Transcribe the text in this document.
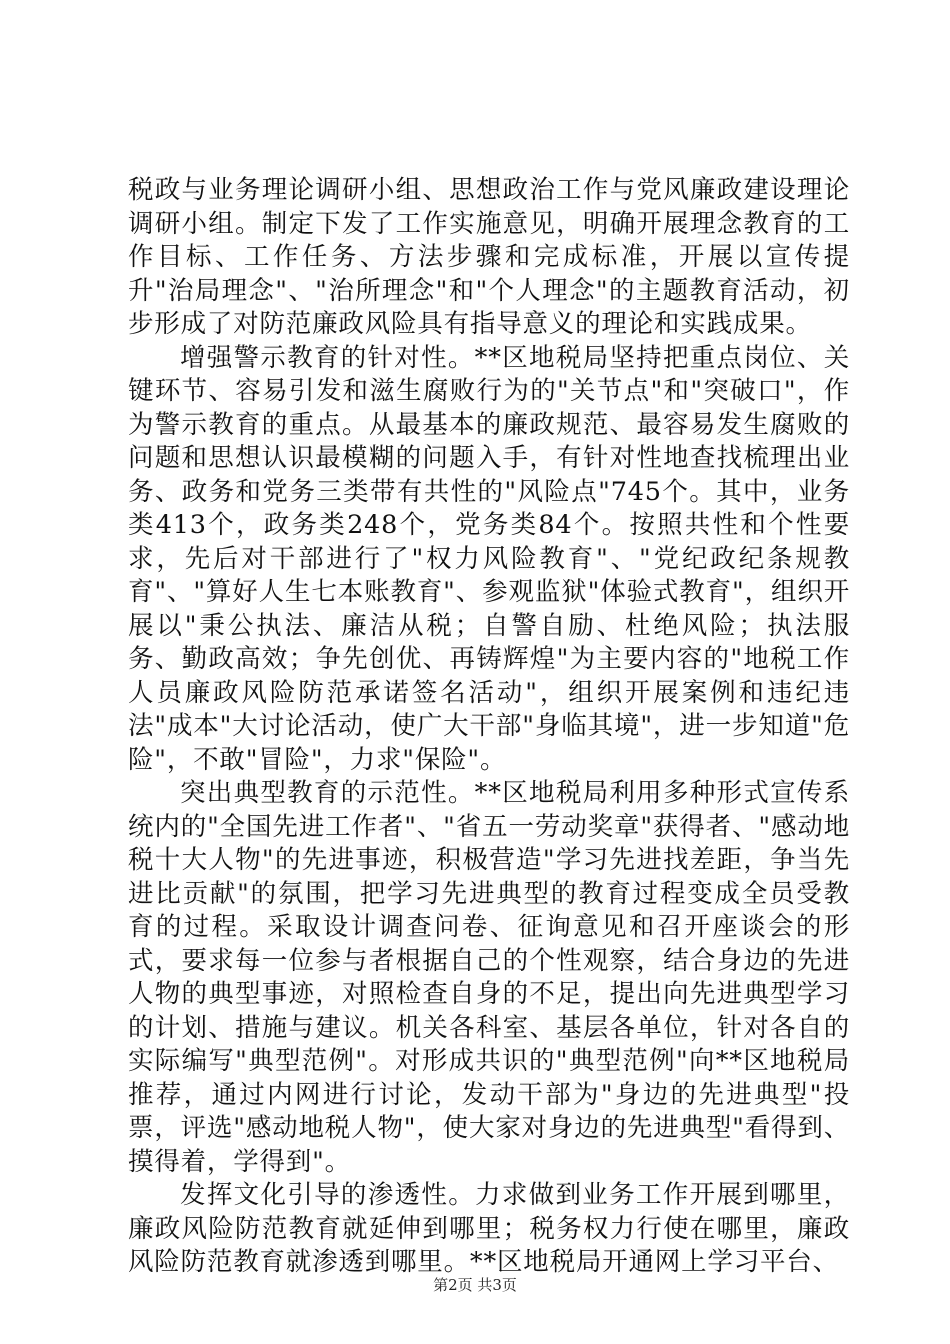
税政与业务理论调研小组、思想政治工作与党风廉政建设理论调研小组。制定下发了工作实施意见，明确开展理念教育的工作目标、工作任务、方法步骤和完成标准，开展以宣传提升"治局理念"、"治所理念"和"个人理念"的主题教育活动，初步形成了对防范廉政风险具有指导意义的理论和实践成果。

增强警示教育的针对性。**区地税局坚持把重点岗位、关键环节、容易引发和滋生腐败行为的"关节点"和"突破口"，作为警示教育的重点。从最基本的廉政规范、最容易发生腐败的问题和思想认识最模糊的问题入手，有针对性地查找梳理出业务、政务和党务三类带有共性的"风险点"745个。其中，业务类413个，政务类248个，党务类84个。按照共性和个性要求，先后对干部进行了"权力风险教育"、"党纪政纪条规教育"、"算好人生七本账教育"、参观监狱"体验式教育"，组织开展以"秉公执法、廉洁从税；自警自励、杜绝风险；执法服务、勤政高效；争先创优、再铸辉煌"为主要内容的"地税工作人员廉政风险防范承诺签名活动"，组织开展案例和违纪违法"成本"大讨论活动，使广大干部"身临其境"，进一步知道"危险"，不敢"冒险"，力求"保险"。

突出典型教育的示范性。**区地税局利用多种形式宣传系统内的"全国先进工作者"、"省五一劳动奖章"获得者、"感动地税十大人物"的先进事迹，积极营造"学习先进找差距，争当先进比贡献"的氛围，把学习先进典型的教育过程变成全员受教育的过程。采取设计调查问卷、征询意见和召开座谈会的形式，要求每一位参与者根据自己的个性观察，结合身边的先进人物的典型事迹，对照检查自身的不足，提出向先进典型学习的计划、措施与建议。机关各科室、基层各单位，针对各自的实际编写"典型范例"。对形成共识的"典型范例"向**区地税局推荐，通过内网进行讨论，发动干部为"身边的先进典型"投票，评选"感动地税人物"，使大家对身边的先进典型"看得到、摸得着，学得到"。

发挥文化引导的渗透性。力求做到业务工作开展到哪里，廉政风险防范教育就延伸到哪里；税务权力行使在哪里，廉政风险防范教育就渗透到哪里。**区地税局开通网上学习平台、

第2页 共3页
